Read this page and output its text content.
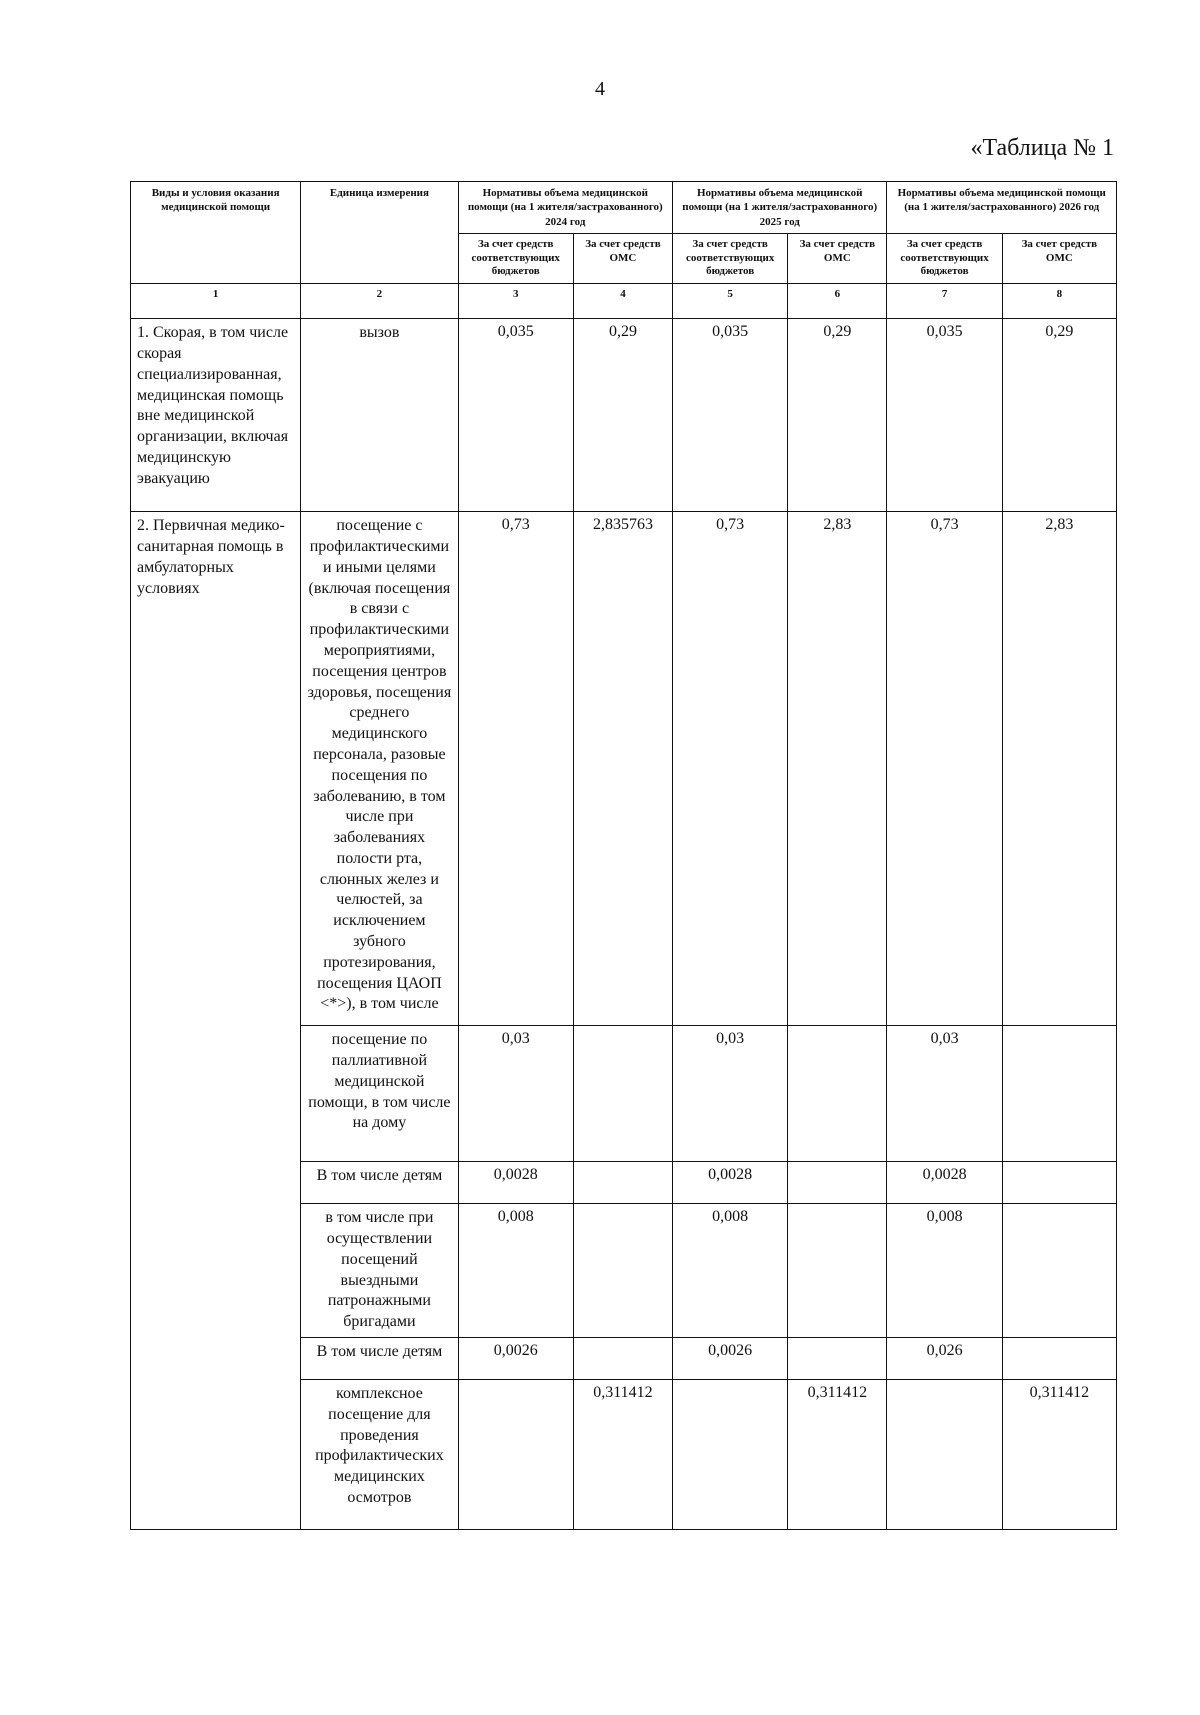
4
«Таблица № 1
Виды и условия оказания медицинской помощи	Единица измерения	Нормативы объема медицинской помощи (на 1 жителя/застрахованного) 2024 год		Нормативы объема медицинской помощи (на 1 жителя/застрахованного) 2025 год		Нормативы объема медицинской помощи (на 1 жителя/застрахованного) 2026 год	
		За счет средств соответствующих бюджетов	За счет средств ОМС	За счет средств соответствующих бюджетов	За счет средств ОМС	За счет средств соответствующих бюджетов	За счет средств ОМС
1	2	3	4	5	6	7	8
1. Скорая, в том числе скорая специализированная, медицинская помощь вне медицинской организации, включая медицинскую эвакуацию	вызов	0,035	0,29	0,035	0,29	0,035	0,29
2. Первичная медико-санитарная помощь в амбулаторных условиях	посещение с профилактическими и иными целями (включая посещения в связи с профилактическими мероприятиями, посещения центров здоровья, посещения среднего медицинского персонала, разовые посещения по заболеванию, в том числе при заболеваниях полости рта, слюнных желез и челюстей, за исключением зубного протезирования, посещения ЦАОП <*>), в том числе	0,73	2,835763	0,73	2,83	0,73	2,83
	посещение по паллиативной медицинской помощи, в том числе на дому	0,03		0,03		0,03	
	В том числе детям	0,0028		0,0028		0,0028	
	в том числе при осуществлении посещений выездными патронажными бригадами	0,008		0,008		0,008	
	В том числе детям	0,0026		0,0026		0,026	
	комплексное посещение для проведения профилактических медицинских осмотров		0,311412		0,311412		0,311412
